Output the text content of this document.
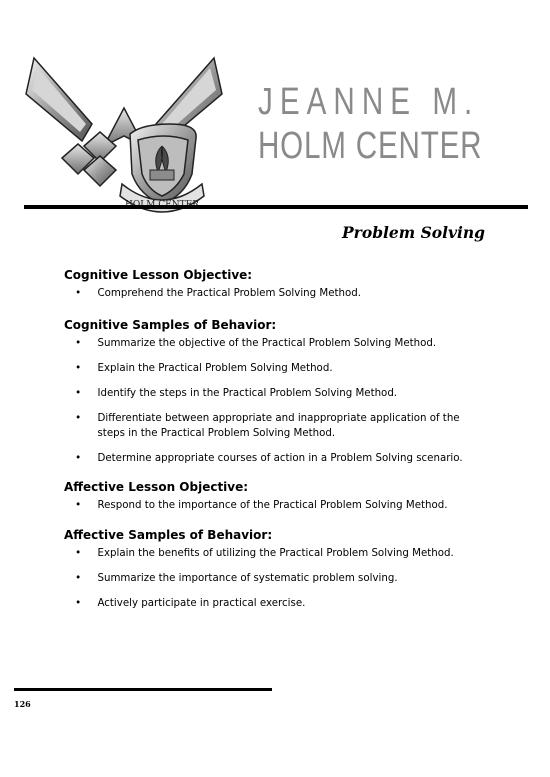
JEANNE M.
HOLM CENTER
Problem Solving
Cognitive Lesson Objective:
• Comprehend the Practical Problem Solving Method.
Cognitive Samples of Behavior:
• Summarize the objective of the Practical Problem Solving Method.
• Explain the Practical Problem Solving Method.
• Identify the steps in the Practical Problem Solving Method.
• Differentiate between appropriate and inappropriate application of the steps in the Practical Problem Solving Method.
• Determine appropriate courses of action in a Problem Solving scenario.
Affective Lesson Objective:
• Respond to the importance of the Practical Problem Solving Method.
Affective Samples of Behavior:
• Explain the benefits of utilizing the Practical Problem Solving Method.
• Summarize the importance of systematic problem solving.
• Actively participate in practical exercise.
126
